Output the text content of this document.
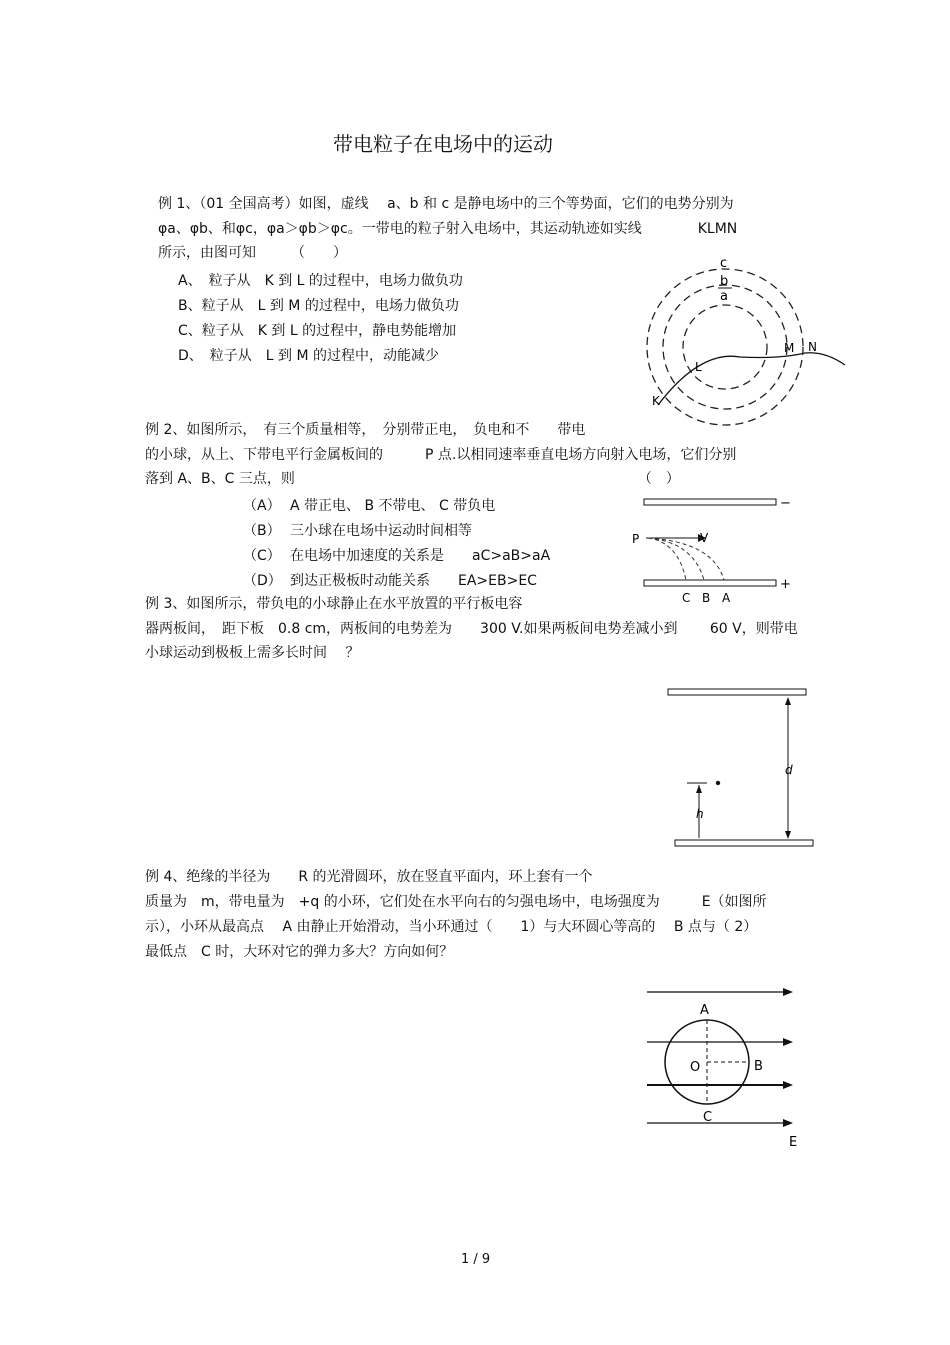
带电粒子在电场中的运动
例 1、（01 全国高考）如图，虚线　 a、b 和 c 是静电场中的三个等势面，它们的电势分别为
φa、φb、和φc，φa＞φb＞φc。一带电的粒子射入电场中，其运动轨迹如实线　　　　KLMN
所示，由图可知　　　（　　）
A、　粒子从　K 到 L 的过程中，电场力做负功
B、粒子从　L 到 M 的过程中，电场力做负功
C、粒子从　K 到 L 的过程中，静电势能增加
D、　粒子从　L 到 M 的过程中，动能减少
c
b
a
K
L
M N
例 2、如图所示，　有三个质量相等，　分别带正电，　负电和不　　带电
的小球，从上、下带电平行金属板间的　　　P 点.以相同速率垂直电场方向射入电场，它们分别
落到 A、B、C 三点，则　　　　　　　　　　　　　　　　　　　　　　　　　（　）
（A） A 带正电、 B 不带电、 C 带负电
（B） 三小球在电场中运动时间相等
（C） 在电场中加速度的关系是　　aC>aB>aA
（D） 到达正极板时动能关系　　EA>EB>EC
−
+
P	V
C B A
例 3、如图所示，带负电的小球静止在水平放置的平行板电容
器两板间，　距下板　0.8 cm，两板间的电势差为　　300 V.如果两板间电势差减小到　　 60 V，则带电
小球运动到极板上需多长时间　 ？
d
h
例 4、绝缘的半径为　　R 的光滑圆环，放在竖直平面内，环上套有一个
质量为　m，带电量为　+q 的小环，它们处在水平向右的匀强电场中，电场强度为　　　E（如图所
示），小环从最高点　 A 由静止开始滑动，当小环通过（　　1）与大环圆心等高的　 B 点与（ 2）
最低点　C 时，大环对它的弹力多大？方向如何？
A
O	B
C
E
1 / 9
